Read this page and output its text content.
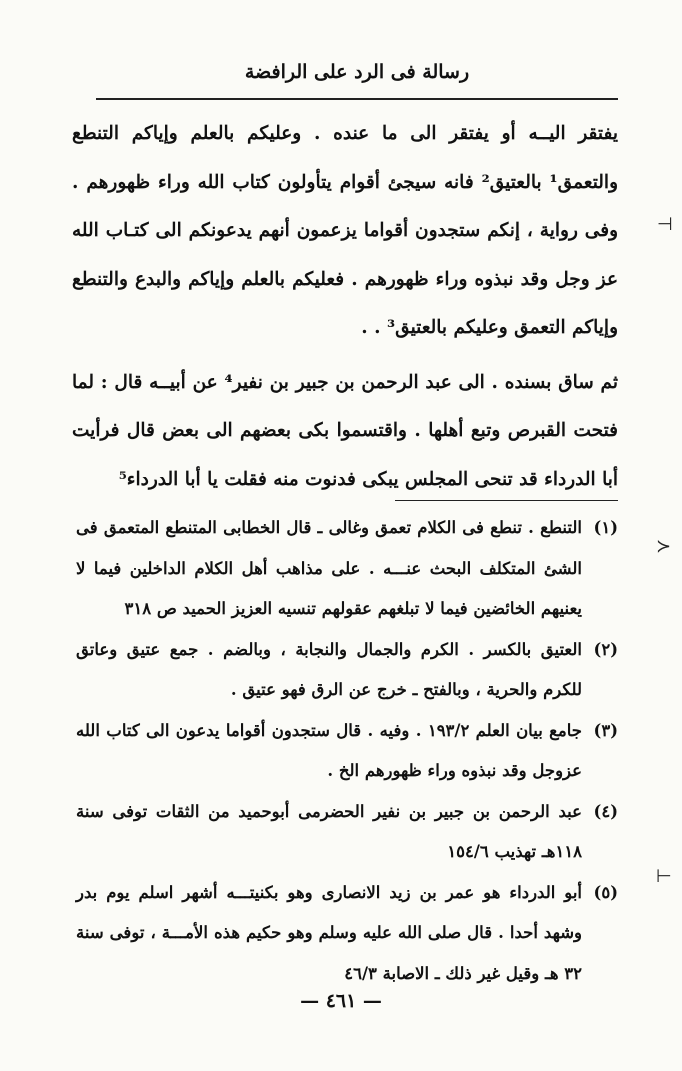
رسالة فى الرد على الرافضة

يفتقر اليــه أو يفتقر الى ما عنده . وعليكم بالعلم وإياكم التنطع والتعمق¹ بالعتيق² فانه سيجئ أقوام يتأولون كتاب الله وراء ظهورهم . وفى رواية ، إنكم ستجدون أقواما يزعمون أنهم يدعونكم الى كتـاب الله عز وجل وقد نبذوه وراء ظهورهم . فعليكم بالعلم وإياكم والبدع والتنطع وإياكم التعمق وعليكم بالعتيق³ . .

ثم ساق بسنده . الى عبد الرحمن بن جبير بن نفير⁴ عن أبيــه قال : لما فتحت القبرص وتبع أهلها . واقتسموا بكى بعضهم الى بعض قال فرأيت أبا الدرداء قد تنحى المجلس يبكى فدنوت منه فقلت يا أبا الدرداء⁵

(١)
التنطع . تنطع فى الكلام تعمق وغالى ـ قال الخطابى المتنطع المتعمق فى الشئ المتكلف البحث عنـــه . على مذاهب أهل الكلام الداخلين فيما لا يعنيهم الخائضين فيما لا تبلغهم عقولهم تنسيه العزيز الحميد ص ٣١٨
(٢)
العتيق بالكسر . الكرم والجمال والنجابة ، وبالضم . جمع عتيق وعاتق للكرم والحرية ، وبالفتح ـ خرج عن الرق فهو عتيق .
(٣)
جامع بيان العلم ١٩٣/٢ . وفيه . قال ستجدون أقواما يدعون الى كتاب الله عزوجل وقد نبذوه وراء ظهورهم الخ .
(٤)
عبد الرحمن بن جبير بن نفير الحضرمى أبوحميد من الثقات توفى سنة ١١٨هـ تهذيب ١٥٤/٦
(٥)
أبو الدرداء هو عمر بن زيد الانصارى وهو بكنيتـــه أشهر اسلم يوم بدر وشهد أحدا . قال صلى الله عليه وسلم وهو حكيم هذه الأمـــة ، توفى سنة ٣٢ هـ وقيل غير ذلك ـ الاصابة ٤٦/٣
— ٤٦١ —
⊣
≻
⊢
